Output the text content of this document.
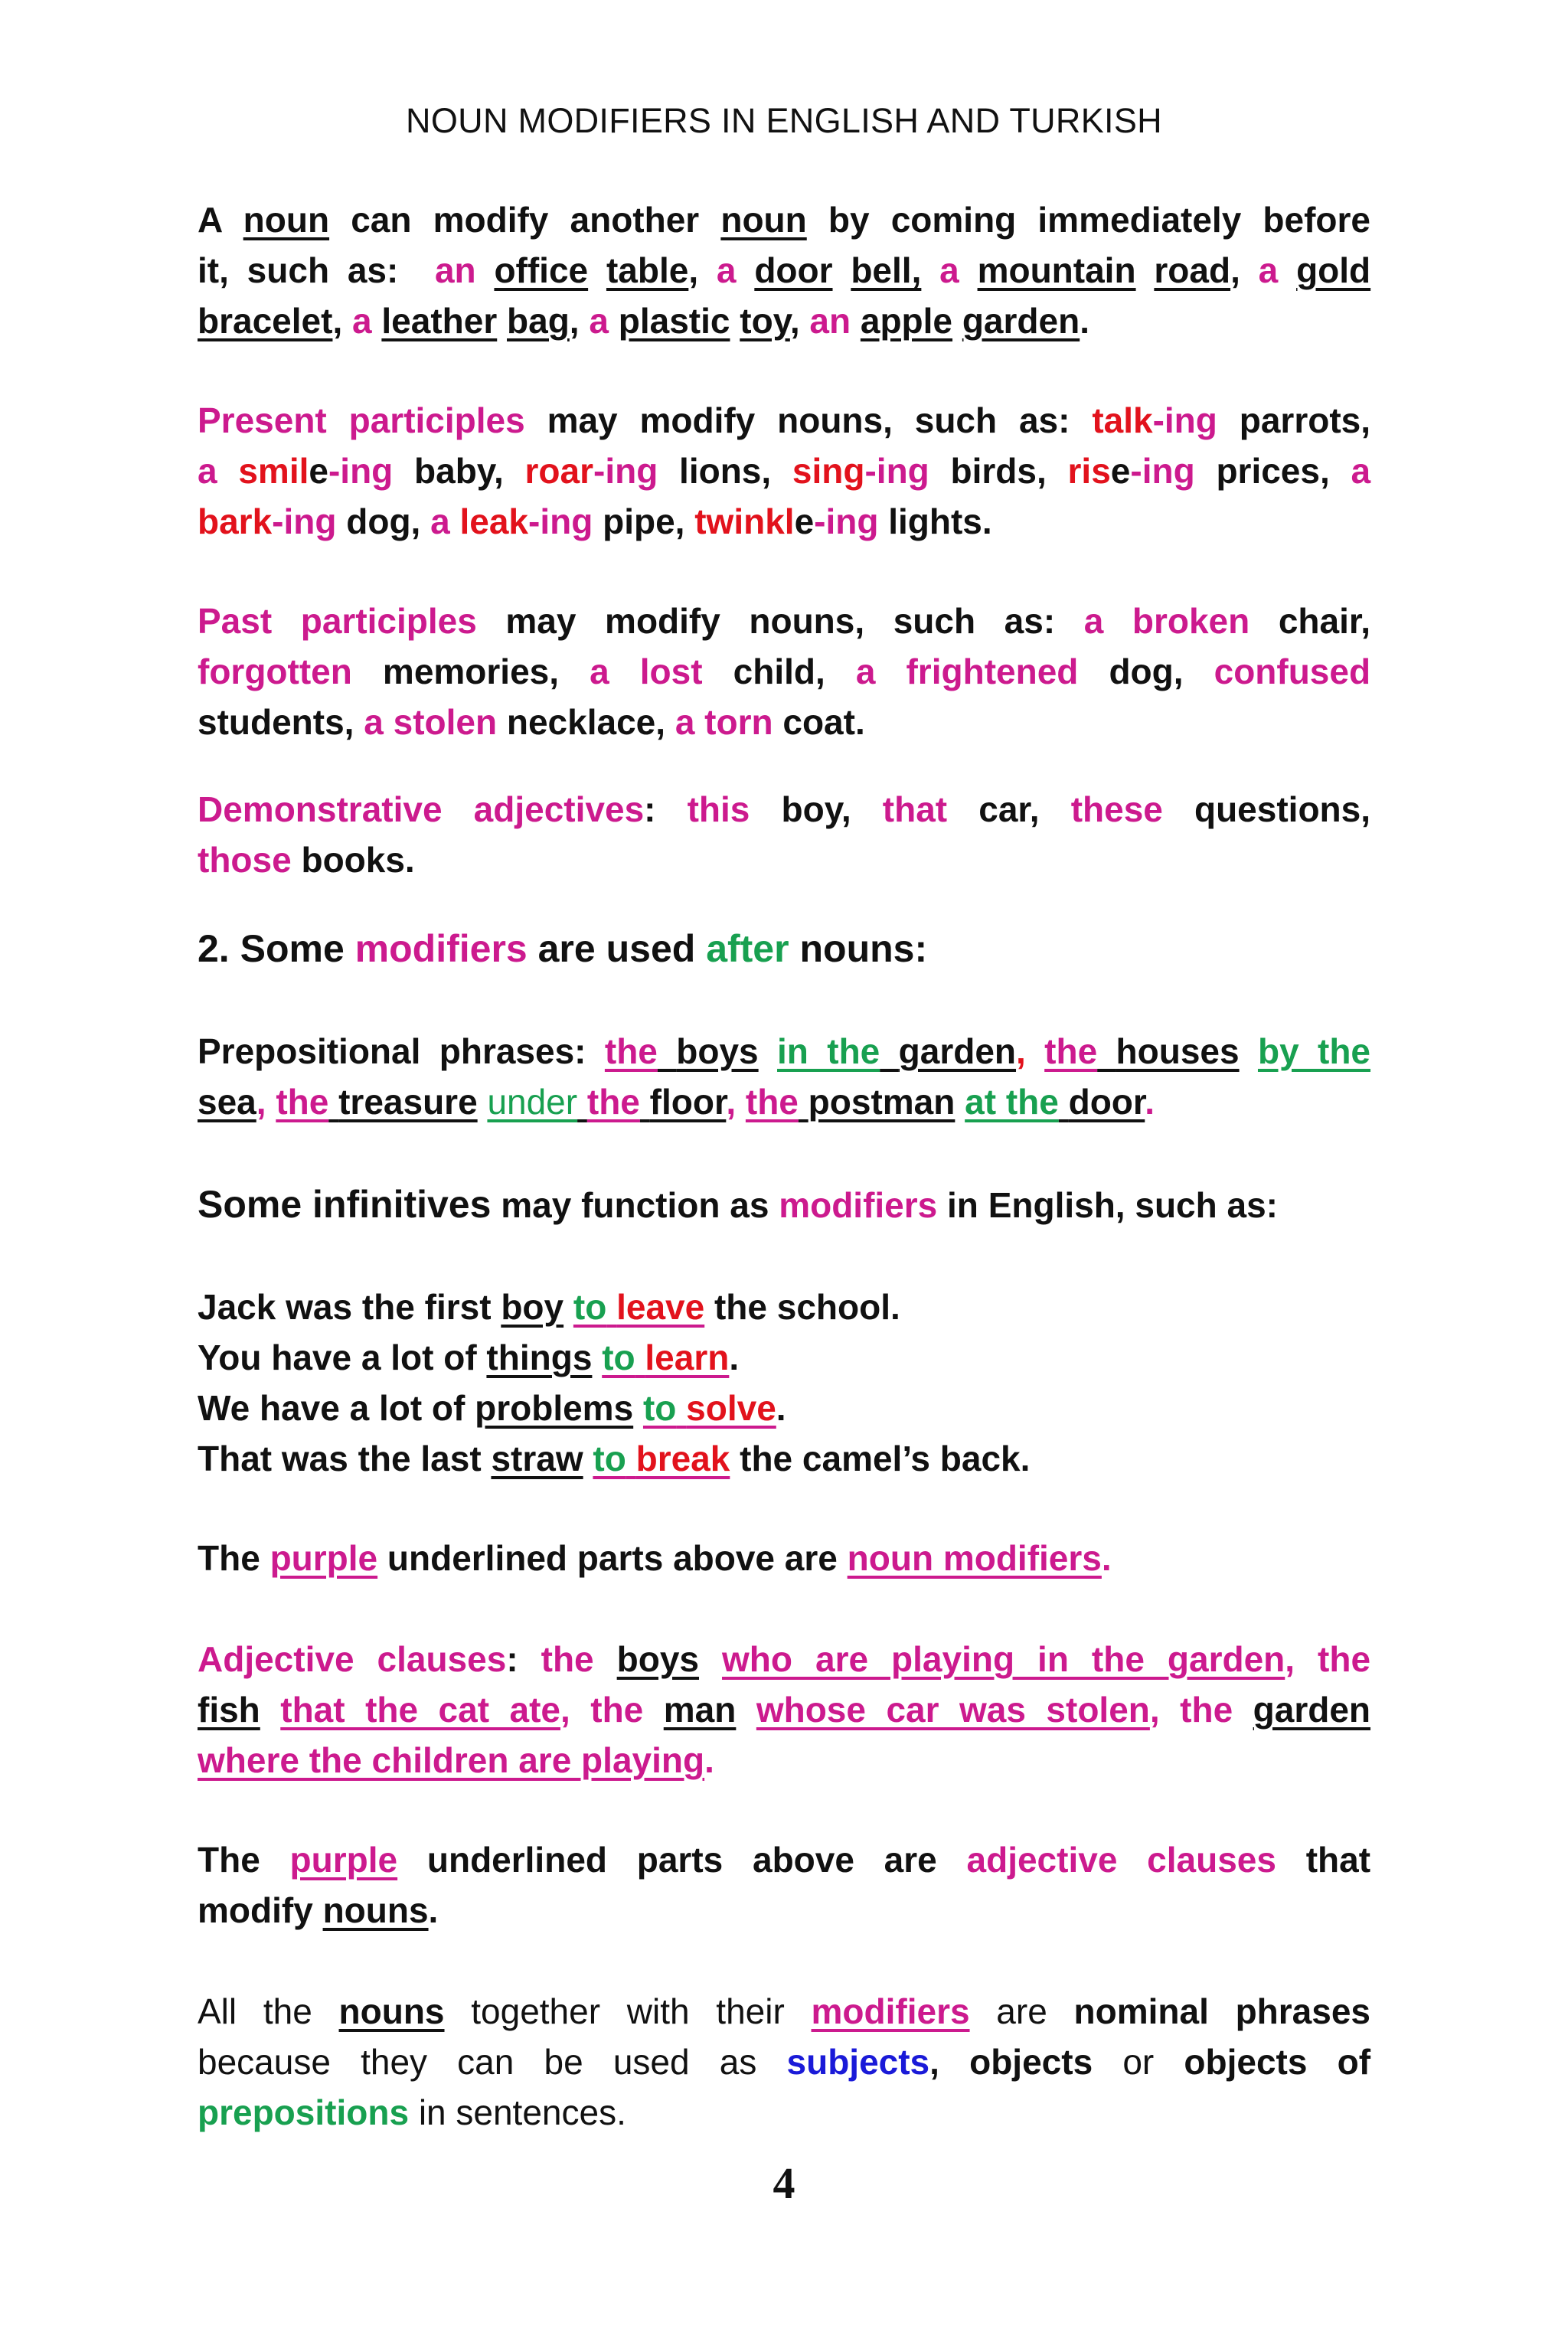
NOUN MODIFIERS IN ENGLISH AND TURKISH
A noun can modify another noun by coming immediately before
it, such as: an office table, a door bell, a mountain road, a gold
bracelet, a leather bag, a plastic toy, an apple garden.
Present participles may modify nouns, such as: talk-ing parrots,
a smile-ing baby, roar-ing lions, sing-ing birds, rise-ing prices, a
bark-ing dog, a leak-ing pipe, twinkle-ing lights.
Past participles may modify nouns, such as: a broken chair,
forgotten memories, a lost child, a frightened dog, confused
students, a stolen necklace, a torn coat.
Demonstrative adjectives: this boy, that car, these questions,
those books.
2. Some modifiers are used after nouns:
Prepositional phrases: the boys in the garden, the houses by the
sea, the treasure under the floor, the postman at the door.
Some infinitives may function as modifiers in English, such as:
Jack was the first boy to leave the school.
You have a lot of things to learn.
We have a lot of problems to solve.
That was the last straw to break the camel’s back.
The purple underlined parts above are noun modifiers.
Adjective clauses: the boys who are playing in the garden, the
fish that the cat ate, the man whose car was stolen, the garden
where the children are playing.
The purple underlined parts above are adjective clauses that
modify nouns.
All the nouns together with their modifiers are nominal phrases
because they can be used as subjects, objects or objects of
prepositions in sentences.
4
